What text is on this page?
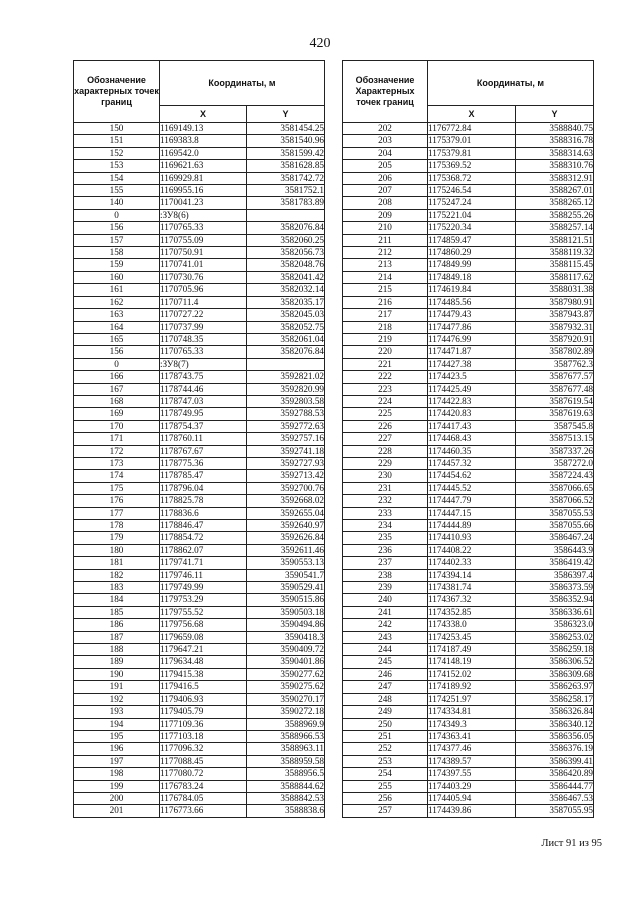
420
Обозначение характерных точек границ	Координаты, м	
	X	Y
150	1169149.13	3581454.25
151	1169383.8	3581540.96
152	1169542.0	3581599.42
153	1169621.63	3581628.85
154	1169929.81	3581742.72
155	1169955.16	3581752.1
140	1170041.23	3581783.89
0	:ЗУ8(6)	
156	1170765.33	3582076.84
157	1170755.09	3582060.25
158	1170750.91	3582056.73
159	1170741.01	3582048.76
160	1170730.76	3582041.42
161	1170705.96	3582032.14
162	1170711.4	3582035.17
163	1170727.22	3582045.03
164	1170737.99	3582052.75
165	1170748.35	3582061.04
156	1170765.33	3582076.84
0	:ЗУ8(7)	
166	1178743.75	3592821.02
167	1178744.46	3592820.99
168	1178747.03	3592803.58
169	1178749.95	3592788.53
170	1178754.37	3592772.63
171	1178760.11	3592757.16
172	1178767.67	3592741.18
173	1178775.36	3592727.93
174	1178785.47	3592713.42
175	1178796.04	3592700.76
176	1178825.78	3592668.02
177	1178836.6	3592655.04
178	1178846.47	3592640.97
179	1178854.72	3592626.84
180	1178862.07	3592611.46
181	1179741.71	3590553.13
182	1179746.11	3590541.7
183	1179749.99	3590529.41
184	1179753.29	3590515.86
185	1179755.52	3590503.18
186	1179756.68	3590494.86
187	1179659.08	3590418.3
188	1179647.21	3590409.72
189	1179634.48	3590401.86
190	1179415.38	3590277.62
191	1179416.5	3590275.62
192	1179406.93	3590270.17
193	1179405.79	3590272.18
194	1177109.36	3588969.9
195	1177103.18	3588966.53
196	1177096.32	3588963.11
197	1177088.45	3588959.58
198	1177080.72	3588956.5
199	1176783.24	3588844.62
200	1176784.05	3588842.53
201	1176773.66	3588838.6
Обозначение Характерных точек границ	Координаты, м	
	X	Y
202	1176772.84	3588840.75
203	1175379.01	3588316.78
204	1175379.81	3588314.63
205	1175369.52	3588310.76
206	1175368.72	3588312.91
207	1175246.54	3588267.01
208	1175247.24	3588265.12
209	1175221.04	3588255.26
210	1175220.34	3588257.14
211	1174859.47	3588121.51
212	1174860.29	3588119.32
213	1174849.99	3588115.45
214	1174849.18	3588117.62
215	1174619.84	3588031.38
216	1174485.56	3587980.91
217	1174479.43	3587943.87
218	1174477.86	3587932.31
219	1174476.99	3587920.91
220	1174471.87	3587802.89
221	1174427.38	3587762.3
222	1174423.5	3587677.57
223	1174425.49	3587677.48
224	1174422.83	3587619.54
225	1174420.83	3587619.63
226	1174417.43	3587545.8
227	1174468.43	3587513.15
228	1174460.35	3587337.26
229	1174457.32	3587272.0
230	1174454.62	3587224.43
231	1174445.52	3587066.65
232	1174447.79	3587066.52
233	1174447.15	3587055.53
234	1174444.89	3587055.66
235	1174410.93	3586467.24
236	1174408.22	3586443.9
237	1174402.33	3586419.42
238	1174394.14	3586397.4
239	1174381.74	3586373.59
240	1174367.32	3586352.94
241	1174352.85	3586336.61
242	1174338.0	3586323.0
243	1174253.45	3586253.02
244	1174187.49	3586259.18
245	1174148.19	3586306.52
246	1174152.02	3586309.68
247	1174189.92	3586263.97
248	1174251.97	3586258.17
249	1174334.81	3586326.84
250	1174349.3	3586340.12
251	1174363.41	3586356.05
252	1174377.46	3586376.19
253	1174389.57	3586399.41
254	1174397.55	3586420.89
255	1174403.29	3586444.77
256	1174405.94	3586467.53
257	1174439.86	3587055.95
Лист 91 из 95
